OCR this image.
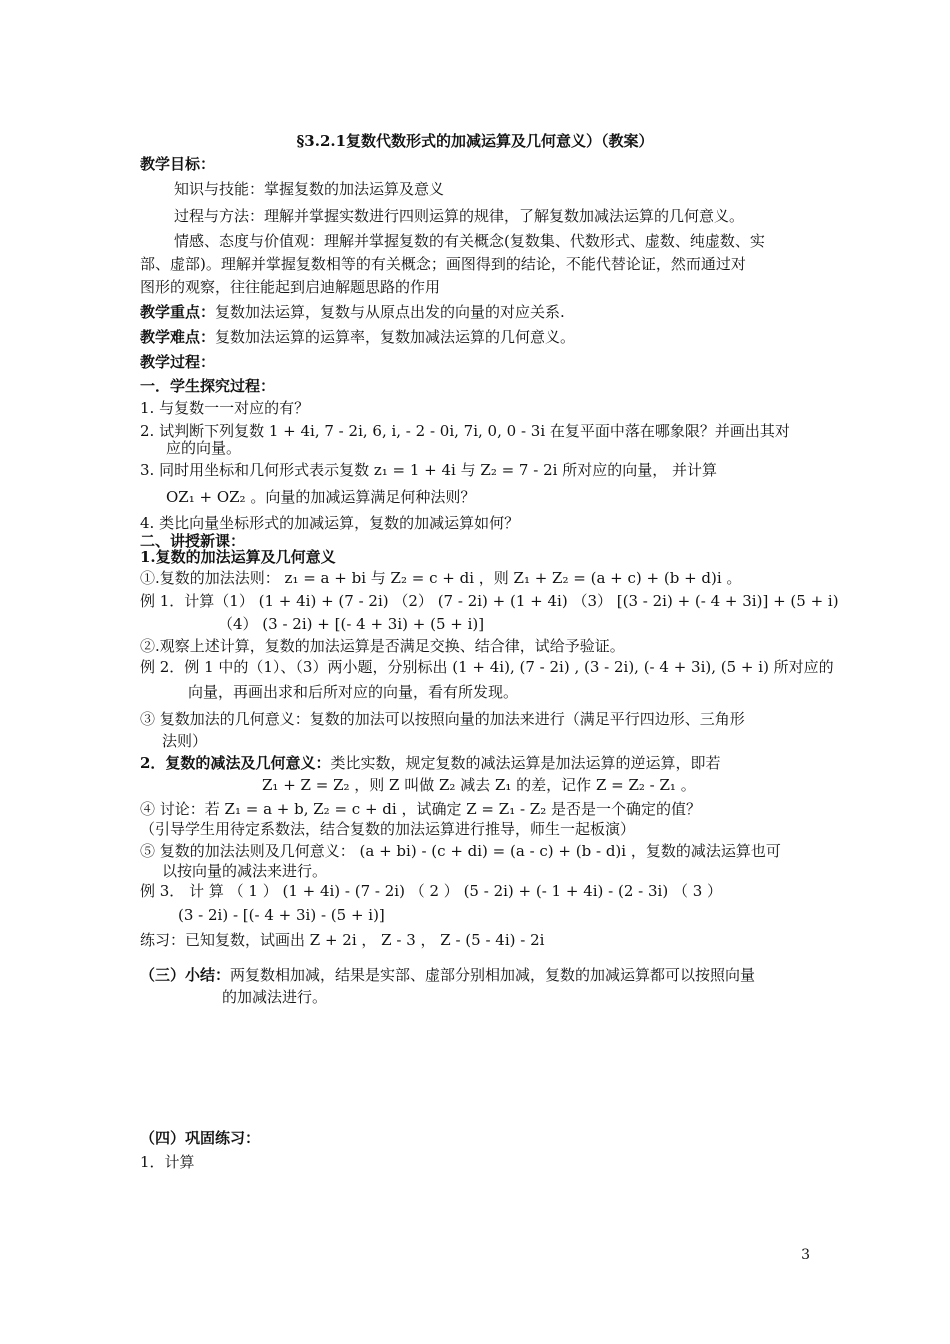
§3.2.1复数代数形式的加减运算及几何意义）（教案）
教学目标：
知识与技能：掌握复数的加法运算及意义
过程与方法：理解并掌握实数进行四则运算的规律，了解复数加减法运算的几何意义。
情感、态度与价值观：理解并掌握复数的有关概念(复数集、代数形式、虚数、纯虚数、实
部、虚部)。理解并掌握复数相等的有关概念；画图得到的结论，不能代替论证，然而通过对
图形的观察，往往能起到启迪解题思路的作用
教学重点：复数加法运算，复数与从原点出发的向量的对应关系.
教学难点：复数加法运算的运算率，复数加减法运算的几何意义。
教学过程：
一．学生探究过程：
1. 与复数一一对应的有？
2. 试判断下列复数 1 + 4i, 7 - 2i, 6, i, - 2 - 0i, 7i, 0, 0 - 3i 在复平面中落在哪象限？并画出其对
应的向量。
3. 同时用坐标和几何形式表示复数 z₁ = 1 + 4i 与 Z₂ = 7 - 2i 所对应的向量， 并计算
OZ₁ + OZ₂ 。向量的加减运算满足何种法则？
4. 类比向量坐标形式的加减运算，复数的加减运算如何？
二、讲授新课：
1.复数的加法运算及几何意义
①.复数的加法法则： z₁ = a + bi 与 Z₂ = c + di ，则 Z₁ + Z₂ = (a + c) + (b + d)i 。
例 1．计算（1） (1 + 4i) + (7 - 2i) （2） (7 - 2i) + (1 + 4i) （3） [(3 - 2i) + (- 4 + 3i)] + (5 + i)
（4） (3 - 2i) + [(- 4 + 3i) + (5 + i)]
②.观察上述计算，复数的加法运算是否满足交换、结合律，试给予验证。
例 2．例 1 中的（1）、（3）两小题，分别标出 (1 + 4i), (7 - 2i) , (3 - 2i), (- 4 + 3i), (5 + i) 所对应的
向量，再画出求和后所对应的向量，看有所发现。
③ 复数加法的几何意义：复数的加法可以按照向量的加法来进行（满足平行四边形、三角形
法则）
2．复数的减法及几何意义：类比实数，规定复数的减法运算是加法运算的逆运算，即若
Z₁ + Z = Z₂ ，则 Z 叫做 Z₂ 减去 Z₁ 的差，记作 Z = Z₂ - Z₁ 。
④ 讨论：若 Z₁ = a + b, Z₂ = c + di ，试确定 Z = Z₁ - Z₂ 是否是一个确定的值？
（引导学生用待定系数法，结合复数的加法运算进行推导，师生一起板演）
⑤ 复数的加法法则及几何意义： (a + bi) - (c + di) = (a - c) + (b - d)i ，复数的减法运算也可
以按向量的减法来进行。
例 3． 计 算 （ 1 ） (1 + 4i) - (7 - 2i) （ 2 ） (5 - 2i) + (- 1 + 4i) - (2 - 3i) （ 3 ）
(3 - 2i) - [(- 4 + 3i) - (5 + i)]
练习：已知复数，试画出 Z + 2i ， Z - 3 ， Z - (5 - 4i) - 2i
（三）小结：两复数相加减，结果是实部、虚部分别相加减，复数的加减运算都可以按照向量
的加减法进行。
（四）巩固练习：
1．计算
3
